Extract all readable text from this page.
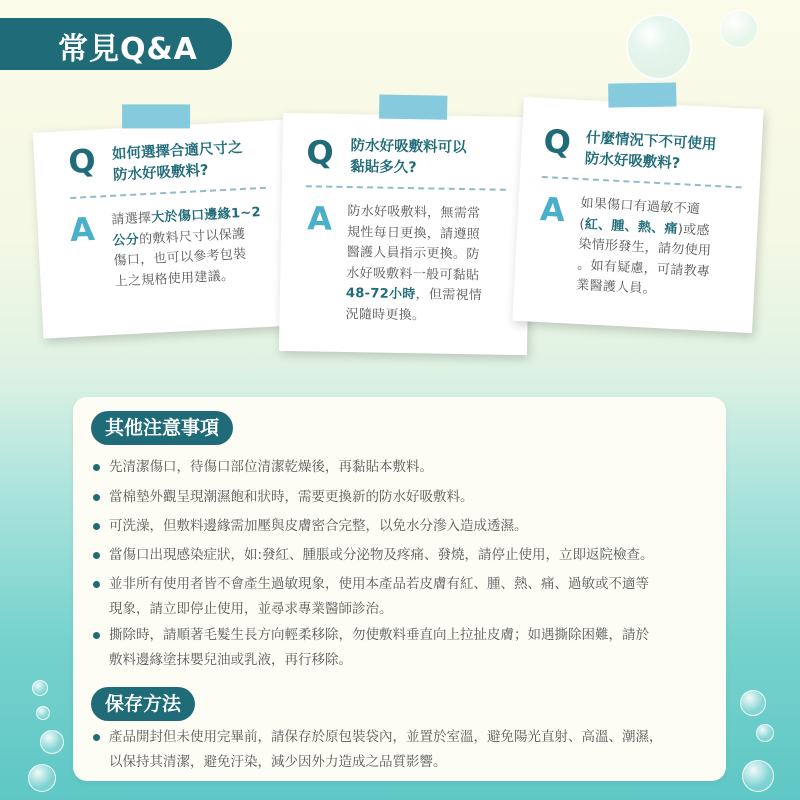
常見Q&A
Q 如何選擇合適尺寸之
防水好吸敷料?
A 請選擇大於傷口邊緣1~2
公分的敷料尺寸以保護
傷口，也可以參考包裝
上之規格使用建議。
Q 防水好吸敷料可以
黏貼多久?
A 防水好吸敷料，無需常
規性每日更換，請遵照
醫護人員指示更換。防
水好吸敷料一般可黏貼
48-72小時，但需視情
況隨時更換。
Q 什麼情況下不可使用
防水好吸敷料?
A 如果傷口有過敏不適
(紅、腫、熱、痛)或感
染情形發生，請勿使用
。如有疑慮，可請教專
業醫護人員。
其他注意事項
先清潔傷口，待傷口部位清潔乾燥後，再黏貼本敷料。
當棉墊外觀呈現潮濕飽和狀時，需要更換新的防水好吸敷料。
可洗澡，但敷料邊緣需加壓與皮膚密合完整，以免水分滲入造成透濕。
當傷口出現感染症狀，如:發紅、腫脹或分泌物及疼痛、發燒，請停止使用，立即返院檢查。
並非所有使用者皆不會產生過敏現象，使用本產品若皮膚有紅、腫、熱、痛、過敏或不適等
現象，請立即停止使用，並尋求專業醫師診治。
撕除時，請順著毛髮生長方向輕柔移除，勿使敷料垂直向上拉扯皮膚；如遇撕除困難，請於
敷料邊緣塗抹嬰兒油或乳液，再行移除。
保存方法
產品開封但未使用完畢前，請保存於原包裝袋內，並置於室溫，避免陽光直射、高溫、潮濕，
以保持其清潔，避免汙染，減少因外力造成之品質影響。
